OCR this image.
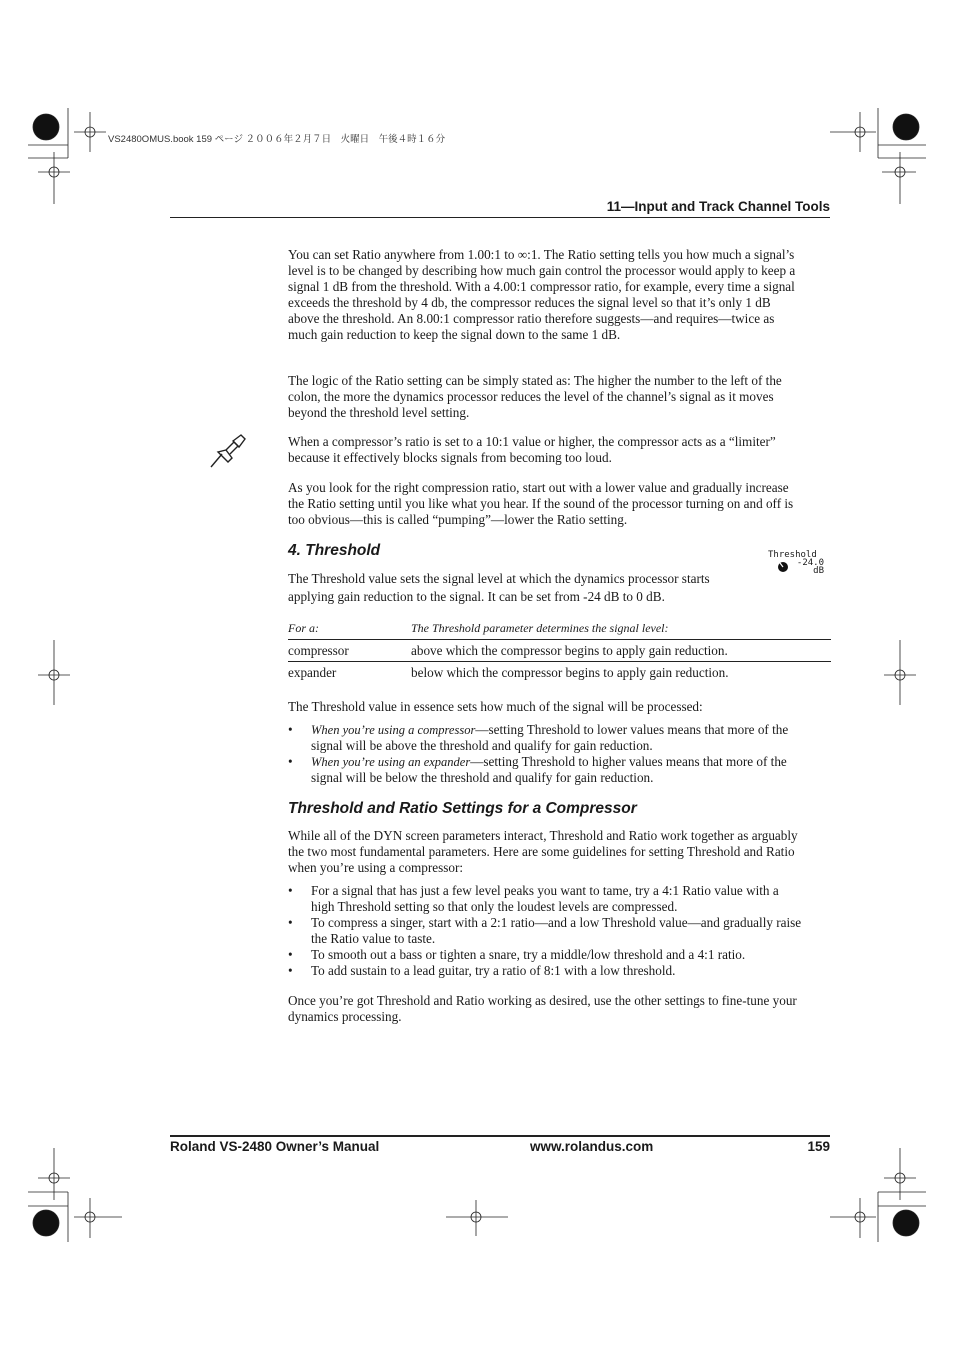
VS2480OMUS.book 159 ページ ２００６年２月７日　火曜日　午後４時１６分
11—Input and Track Channel Tools

You can set Ratio anywhere from 1.00:1 to ∞:1. The Ratio setting tells you how much a signal’s level is to be changed by describing how much gain control the processor would apply to keep a signal 1 dB from the threshold. With a 4.00:1 compressor ratio, for example, every time a signal exceeds the threshold by 4 db, the compressor reduces the signal level so that it’s only 1 dB above the threshold. An 8.00:1 compressor ratio therefore suggests—and requires—twice as much gain reduction to keep the signal down to the same 1 dB.

The logic of the Ratio setting can be simply stated as: The higher the number to the left of the colon, the more the dynamics processor reduces the level of the channel’s signal as it moves beyond the threshold level setting.

When a compressor’s ratio is set to a 10:1 value or higher, the compressor acts as a “limiter” because it effectively blocks signals from becoming too loud.

As you look for the right compression ratio, start out with a lower value and gradually increase the Ratio setting until you like what you hear. If the sound of the processor turning on and off is too obvious—this is called “pumping”—lower the Ratio setting.

4. Threshold	Threshold
-24.0
dB

The Threshold value sets the signal level at which the dynamics processor starts applying gain reduction to the signal. It can be set from -24 dB to 0 dB.

For a:	The Threshold parameter determines the signal level:
compressor	above which the compressor begins to apply gain reduction.
expander	below which the compressor begins to apply gain reduction.

The Threshold value in essence sets how much of the signal will be processed:

• When you’re using a compressor—setting Threshold to lower values means that more of the signal will be above the threshold and qualify for gain reduction.
• When you’re using an expander—setting Threshold to higher values means that more of the signal will be below the threshold and qualify for gain reduction.
Threshold and Ratio Settings for a Compressor

While all of the DYN screen parameters interact, Threshold and Ratio work together as arguably the two most fundamental parameters. Here are some guidelines for setting Threshold and Ratio when you’re using a compressor:

• For a signal that has just a few level peaks you want to tame, try a 4:1 Ratio value with a high Threshold setting so that only the loudest levels are compressed.
• To compress a singer, start with a 2:1 ratio—and a low Threshold value—and gradually raise the Ratio value to taste.
• To smooth out a bass or tighten a snare, try a middle/low threshold and a 4:1 ratio.
• To add sustain to a lead guitar, try a ratio of 8:1 with a low threshold.

Once you’re got Threshold and Ratio working as desired, use the other settings to fine-tune your dynamics processing.

Roland VS-2480 Owner’s Manual	www.rolandus.com	159
